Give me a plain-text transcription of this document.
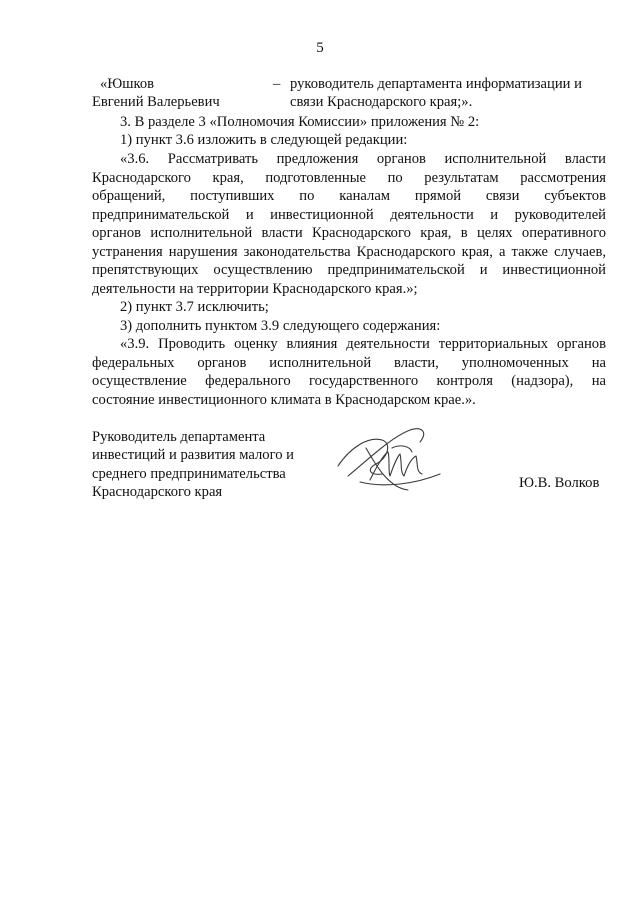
5
«Юшков
Евгений Валерьевич
– руководитель департамента информатизации и
связи Краснодарского края;».
3. В разделе 3 «Полномочия Комиссии» приложения № 2:
1) пункт 3.6 изложить в следующей редакции:
«3.6. Рассматривать предложения органов исполнительной власти
Краснодарского края, подготовленные по результатам рассмотрения
обращений, поступивших по каналам прямой связи субъектов
предпринимательской и инвестиционной деятельности и руководителей
органов исполнительной власти Краснодарского края, в целях оперативного
устранения нарушения законодательства Краснодарского края, а также случаев,
препятствующих осуществлению предпринимательской и инвестиционной
деятельности на территории Краснодарского края.»;
2) пункт 3.7 исключить;
3) дополнить пунктом 3.9 следующего содержания:
«3.9. Проводить оценку влияния деятельности территориальных органов
федеральных органов исполнительной власти, уполномоченных на
осуществление федерального государственного контроля (надзора), на
состояние инвестиционного климата в Краснодарском крае.».
Руководитель департамента
инвестиций и развития малого и
среднего предпринимательства
Краснодарского края
Ю.В. Волков
